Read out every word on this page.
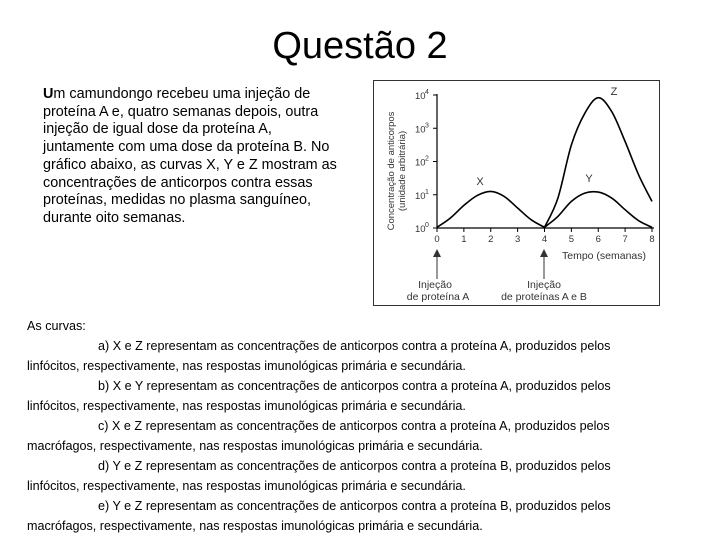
Questão 2
Um camundongo recebeu uma injeção de proteína A e, quatro semanas depois, outra injeção de igual dose da proteína A, juntamente com uma dose da proteína B. No gráfico abaixo, as curvas X, Y e Z mostram as concentrações de anticorpos contra essas proteínas, medidas no plasma sanguíneo, durante oito semanas.	Concentração de anticorpos (unidade arbitrária)
10 0
10 1
10 2
10 3
10 4
0 1 2 3 4 5 6 7 8
X	Y
Z
Tempo (semanas)
Injeção
de proteína A
Injeção
de proteínas A e B
As curvas:
a) X e Z representam as concentrações de anticorpos contra a proteína A, produzidos pelos
linfócitos, respectivamente, nas respostas imunológicas primária e secundária.
b) X e Y representam as concentrações de anticorpos contra a proteína A, produzidos pelos
linfócitos, respectivamente, nas respostas imunológicas primária e secundária.
c) X e Z representam as concentrações de anticorpos contra a proteína A, produzidos pelos
macrófagos, respectivamente, nas respostas imunológicas primária e secundária.
d) Y e Z representam as concentrações de anticorpos contra a proteína B, produzidos pelos
linfócitos, respectivamente, nas respostas imunológicas primária e secundária.
e) Y e Z representam as concentrações de anticorpos contra a proteína B, produzidos pelos
macrófagos, respectivamente, nas respostas imunológicas primária e secundária.
